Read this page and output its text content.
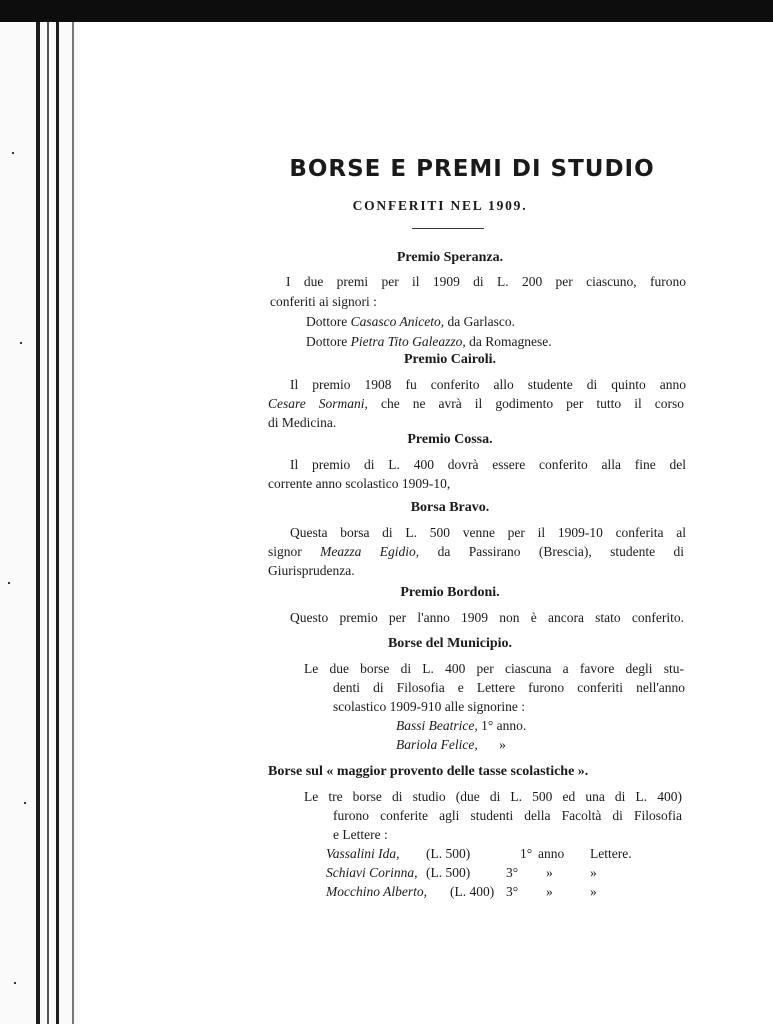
BORSE E PREMI DI STUDIO
CONFERITI NEL 1909.
Premio Speranza.
I due premi per il 1909 di L. 200 per ciascuno, furono
conferiti ai signori :
Dottore Casasco Aniceto, da Garlasco.
Dottore Pietra Tito Galeazzo, da Romagnese.
Premio Cairoli.
Il premio 1908 fu conferito allo studente di quinto anno
Cesare Sormani, che ne avrà il godimento per tutto il corso
di Medicina.
Premio Cossa.
Il premio di L. 400 dovrà essere conferito alla fine del
corrente anno scolastico 1909-10,
Borsa Bravo.
Questa borsa di L. 500 venne per il 1909-10 conferita al
signor Meazza Egidio, da Passirano (Brescia), studente di
Giurisprudenza.
Premio Bordoni.
Questo premio per l'anno 1909 non è ancora stato conferito.
Borse del Municipio.
Le due borse di L. 400 per ciascuna a favore degli stu-
denti di Filosofia e Lettere furono conferiti nell'anno
scolastico 1909-910 alle signorine :
Bassi Beatrice, 1° anno.
Bariola Felice, »
Borse sul « maggior provento delle tasse scolastiche ».
Le tre borse di studio (due di L. 500 ed una di L. 400)
furono conferite agli studenti della Facoltà di Filosofia
e Lettere :
Vassalini Ida, (L. 500)	1° anno Lettere.
Schiavi Corinna, (L. 500)	3° »	»
Mocchino Alberto, (L. 400) 3° »	»
